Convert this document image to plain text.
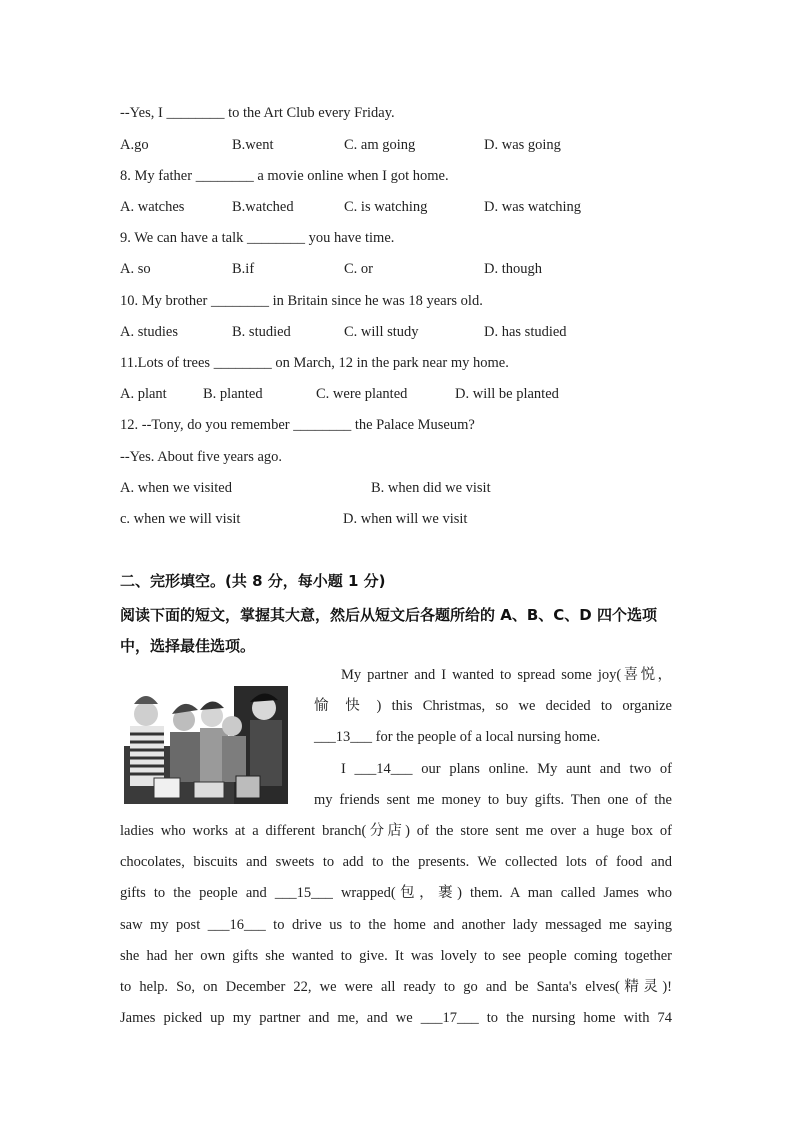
--Yes, I ________ to the Art Club every Friday.
A.go	B.went	C. am going	D. was going
8. My father ________ a movie online when I got home.
A. watches	B.watched	C. is watching	D. was watching
9. We can have a talk ________ you have time.
A. so	B.if	C. or	D. though
10. My brother ________ in Britain since he was 18 years old.
A. studies	B. studied	C. will study	D. has studied
11.Lots of trees ________ on March, 12 in the park near my home.
A. plant	B. planted	C. were planted	D. will be planted
12. --Tony, do you remember ________ the Palace Museum?
--Yes. About five years ago.
A. when we visited	B. when did we visit
c. when we will visit	D. when will we visit
二、完形填空。(共 8 分，每小题 1 分)
阅读下面的短文，掌握其大意，然后从短文后各题所给的 A、B、C、D 四个选项中，选择最佳选项。
My partner and I wanted to spread some joy(喜悦，
愉 快 ) this Christmas, so we decided to organize
___13___ for the people of a local nursing home.
I ___14___ our plans online. My aunt and two of
my friends sent me money to buy gifts. Then one of the
ladies who works at a different branch(分店) of the store sent me over a huge box of
chocolates, biscuits and sweets to add to the presents. We collected lots of food and
gifts to the people and ___15___ wrapped(包，裹) them. A man called James who
saw my post ___16___ to drive us to the home and another lady messaged me saying
she had her own gifts she wanted to give. It was lovely to see people coming together
to help. So, on December 22, we were all ready to go and be Santa's elves(精灵)!
James picked up my partner and me, and we ___17___ to the nursing home with 74
